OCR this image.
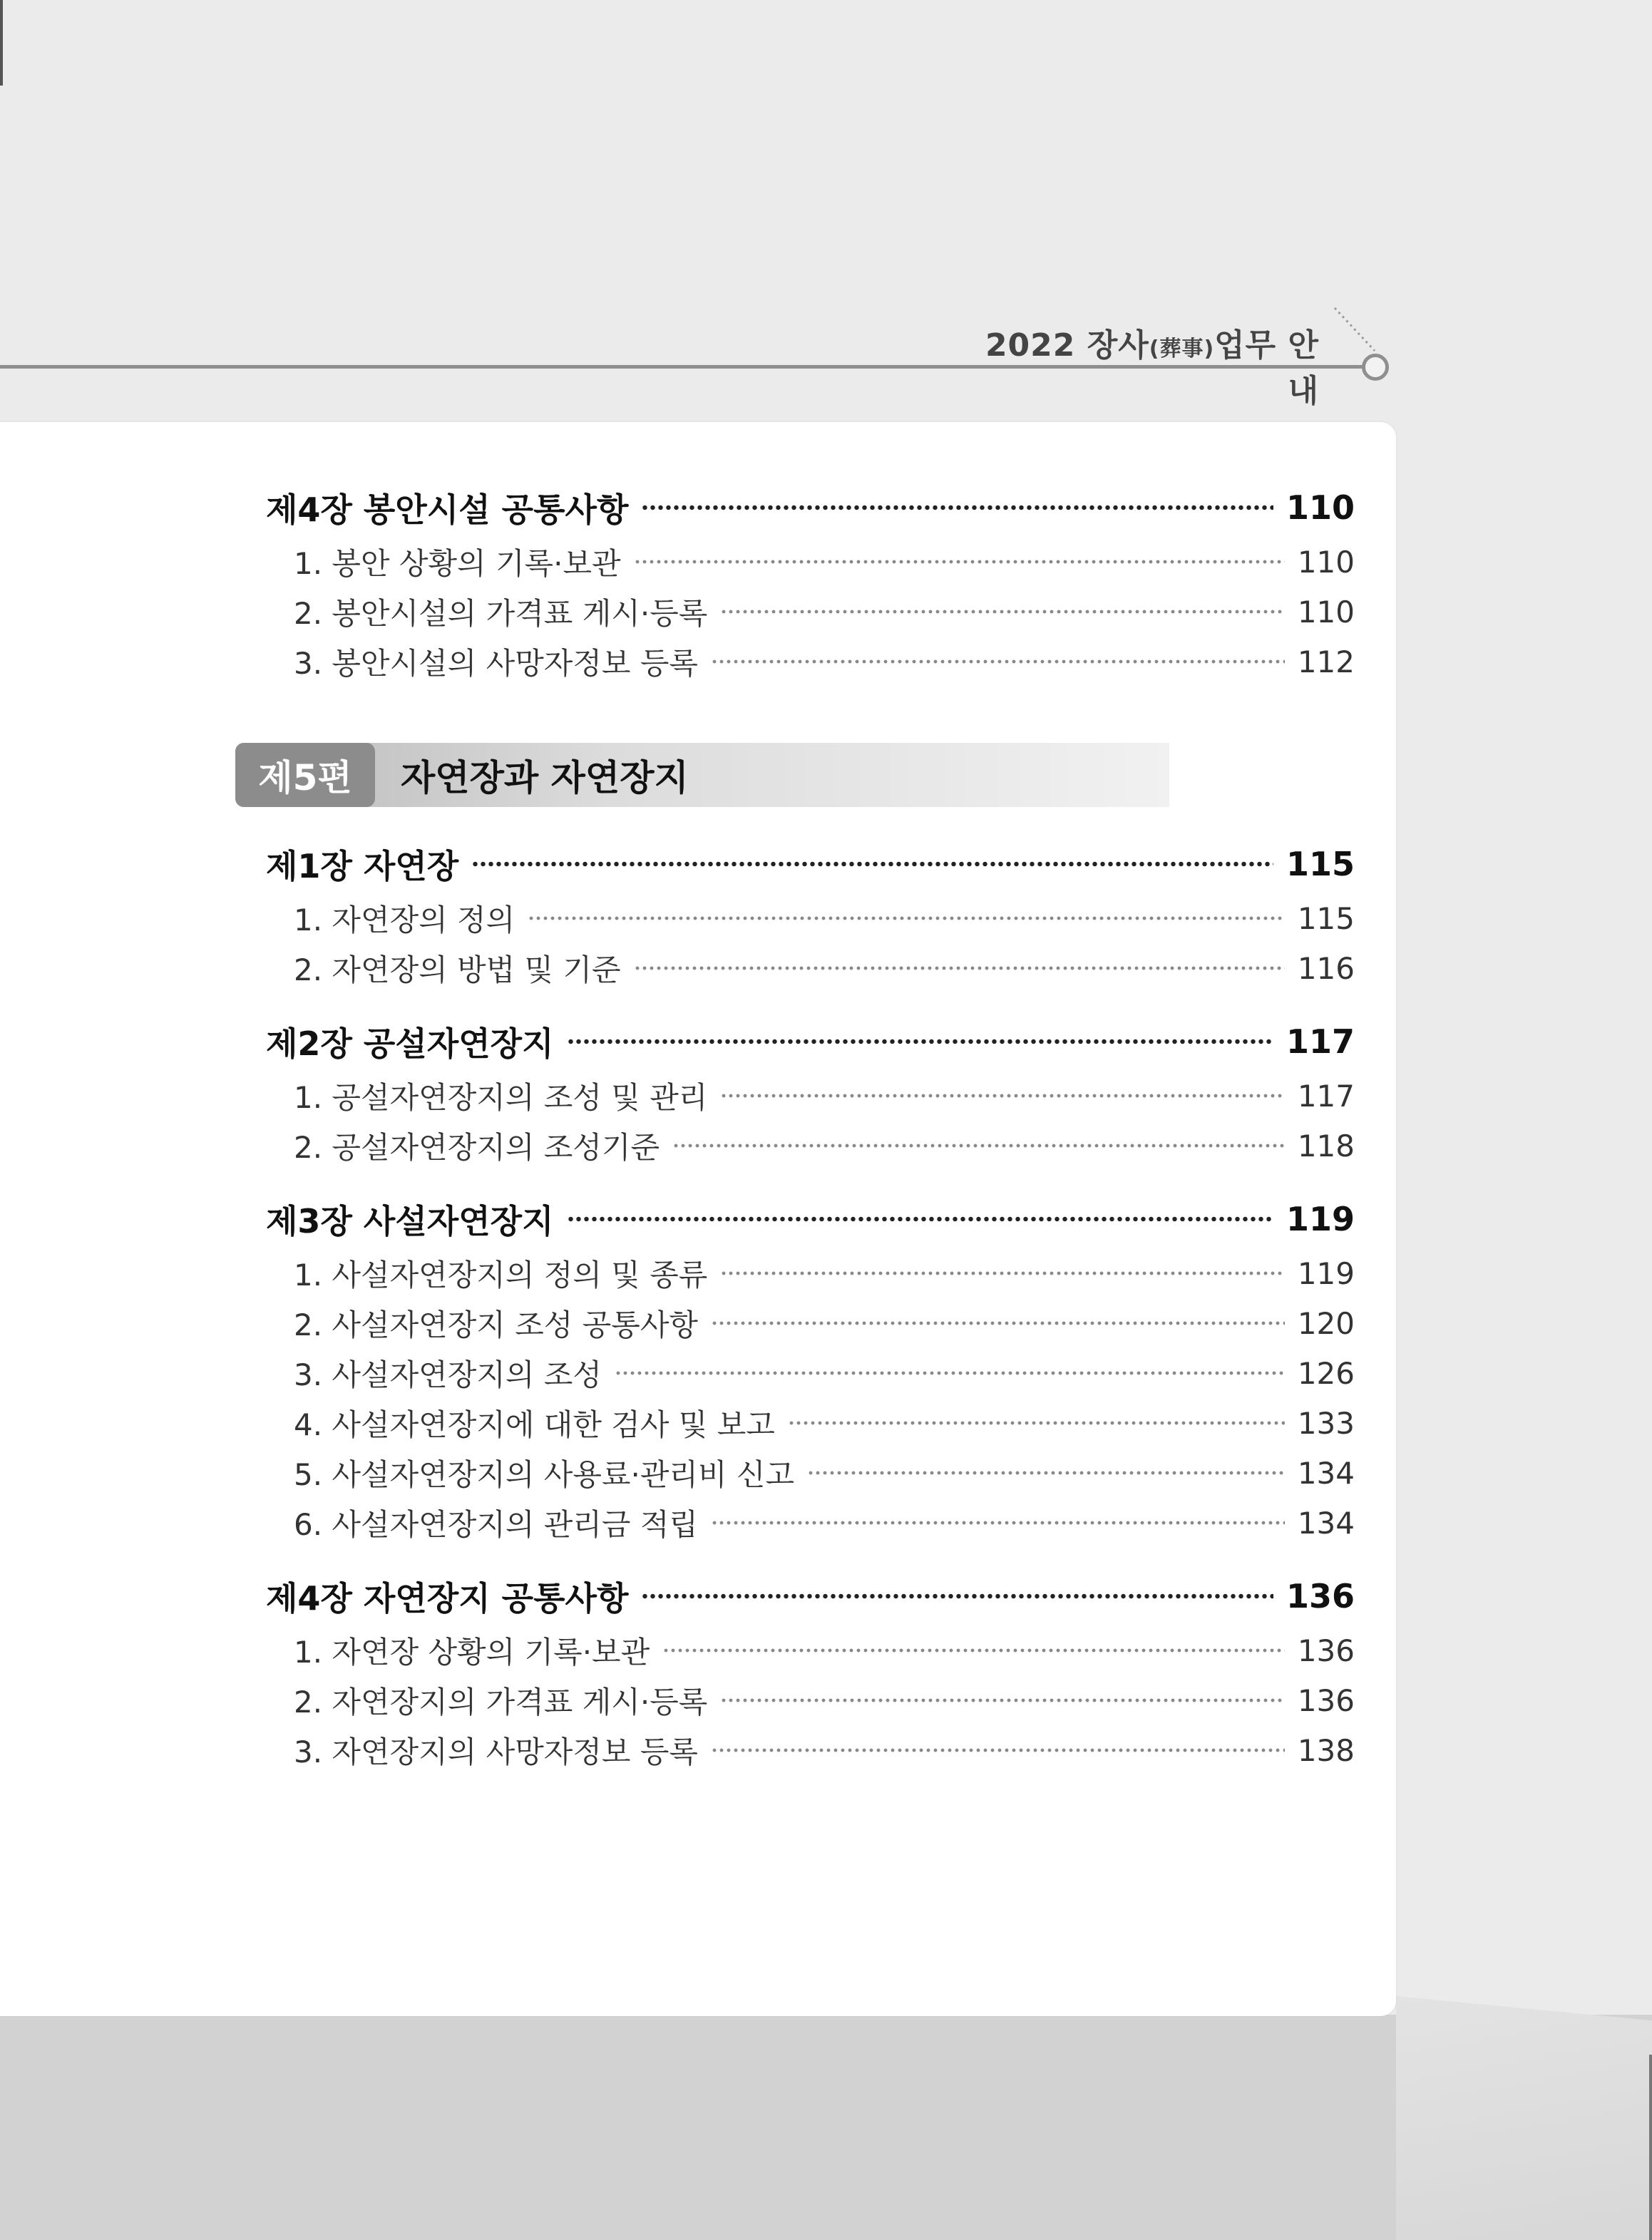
2022 장사(葬事)업무 안내
제4장 봉안시설 공통사항	110
1. 봉안 상황의 기록·보관	110
2. 봉안시설의 가격표 게시·등록	110
3. 봉안시설의 사망자정보 등록	112
제5편	자연장과 자연장지
제1장 자연장	115
1. 자연장의 정의	115
2. 자연장의 방법 및 기준	116
제2장 공설자연장지	117
1. 공설자연장지의 조성 및 관리	117
2. 공설자연장지의 조성기준	118
제3장 사설자연장지	119
1. 사설자연장지의 정의 및 종류	119
2. 사설자연장지 조성 공통사항	120
3. 사설자연장지의 조성	126
4. 사설자연장지에 대한 검사 및 보고	133
5. 사설자연장지의 사용료·관리비 신고	134
6. 사설자연장지의 관리금 적립	134
제4장 자연장지 공통사항	136
1. 자연장 상황의 기록·보관	136
2. 자연장지의 가격표 게시·등록	136
3. 자연장지의 사망자정보 등록	138
